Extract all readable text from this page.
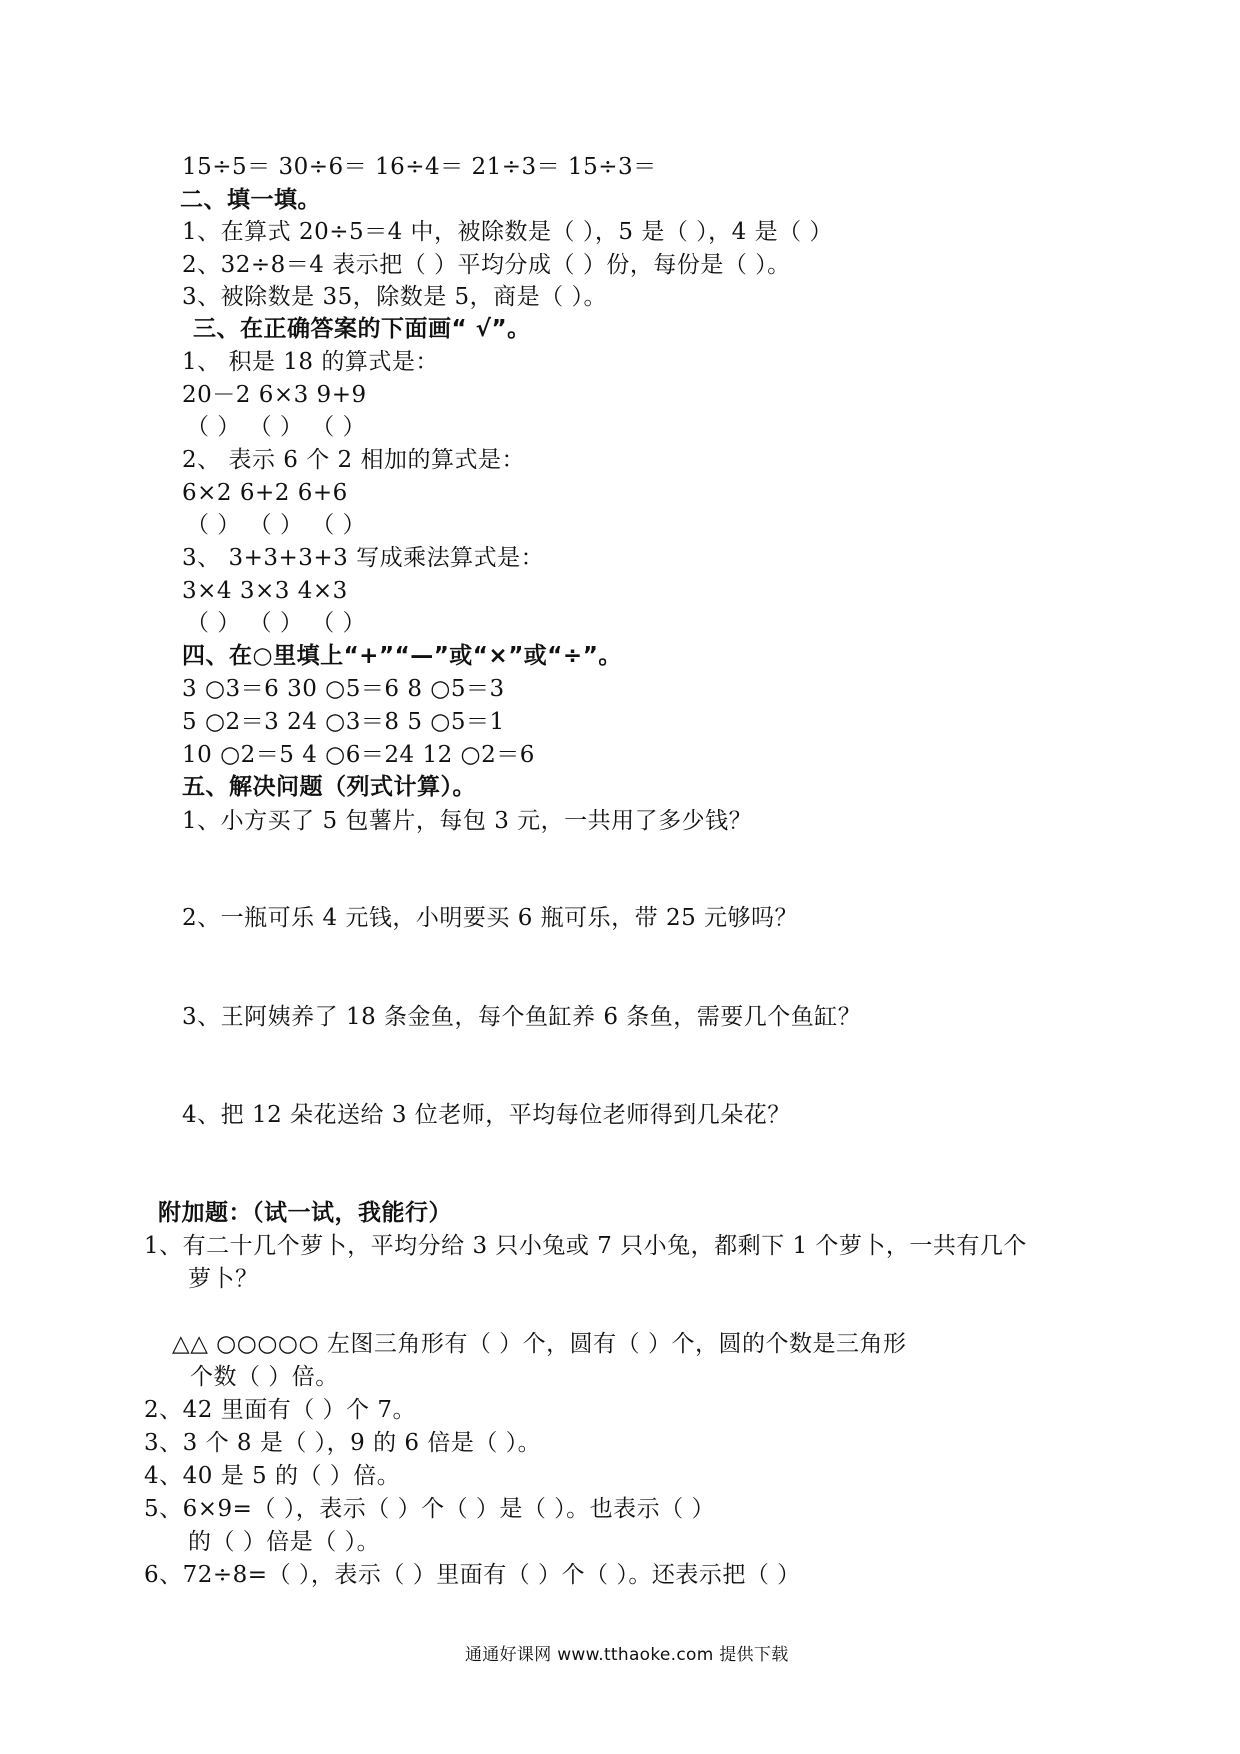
15÷5＝ 30÷6＝ 16÷4＝ 21÷3＝ 15÷3＝
二、填一填。
1、在算式 20÷5＝4 中，被除数是（ ），5 是（ ），4 是（ ）
2、32÷8＝4 表示把（ ）平均分成（ ）份，每份是（ ）。
3、被除数是 35，除数是 5，商是（ ）。
三、在正确答案的下面画“ √”。
1、 积是 18 的算式是：
20－2 6×3 9+9
（ ） （ ） （ ）
2、 表示 6 个 2 相加的算式是：
6×2 6+2 6+6
（ ） （ ） （ ）
3、 3+3+3+3 写成乘法算式是：
3×4 3×3 4×3
（ ） （ ） （ ）
四、在○里填上“+”“—”或“×”或“÷”。
3 ○3＝6 30 ○5＝6 8 ○5＝3
5 ○2＝3 24 ○3＝8 5 ○5＝1
10 ○2＝5 4 ○6＝24 12 ○2＝6
五、解决问题（列式计算）。
1、小方买了 5 包薯片，每包 3 元，一共用了多少钱？
2、一瓶可乐 4 元钱，小明要买 6 瓶可乐，带 25 元够吗？
3、王阿姨养了 18 条金鱼，每个鱼缸养 6 条鱼，需要几个鱼缸？
4、把 12 朵花送给 3 位老师，平均每位老师得到几朵花？
附加题：（试一试，我能行）
1、有二十几个萝卜，平均分给 3 只小兔或 7 只小兔，都剩下 1 个萝卜，一共有几个
萝卜？
△△ ○○○○○ 左图三角形有（ ）个，圆有（ ）个，圆的个数是三角形
个数（ ）倍。
2、42 里面有（ ）个 7。
3、3 个 8 是（ ），9 的 6 倍是（ ）。
4、40 是 5 的（ ）倍。
5、6×9=（ ），表示（ ）个（ ）是（ ）。也表示（ ）
的（ ）倍是（ ）。
6、72÷8=（ ），表示（ ）里面有（ ）个（ ）。还表示把（ ）
通通好课网 www.tthaoke.com 提供下载
